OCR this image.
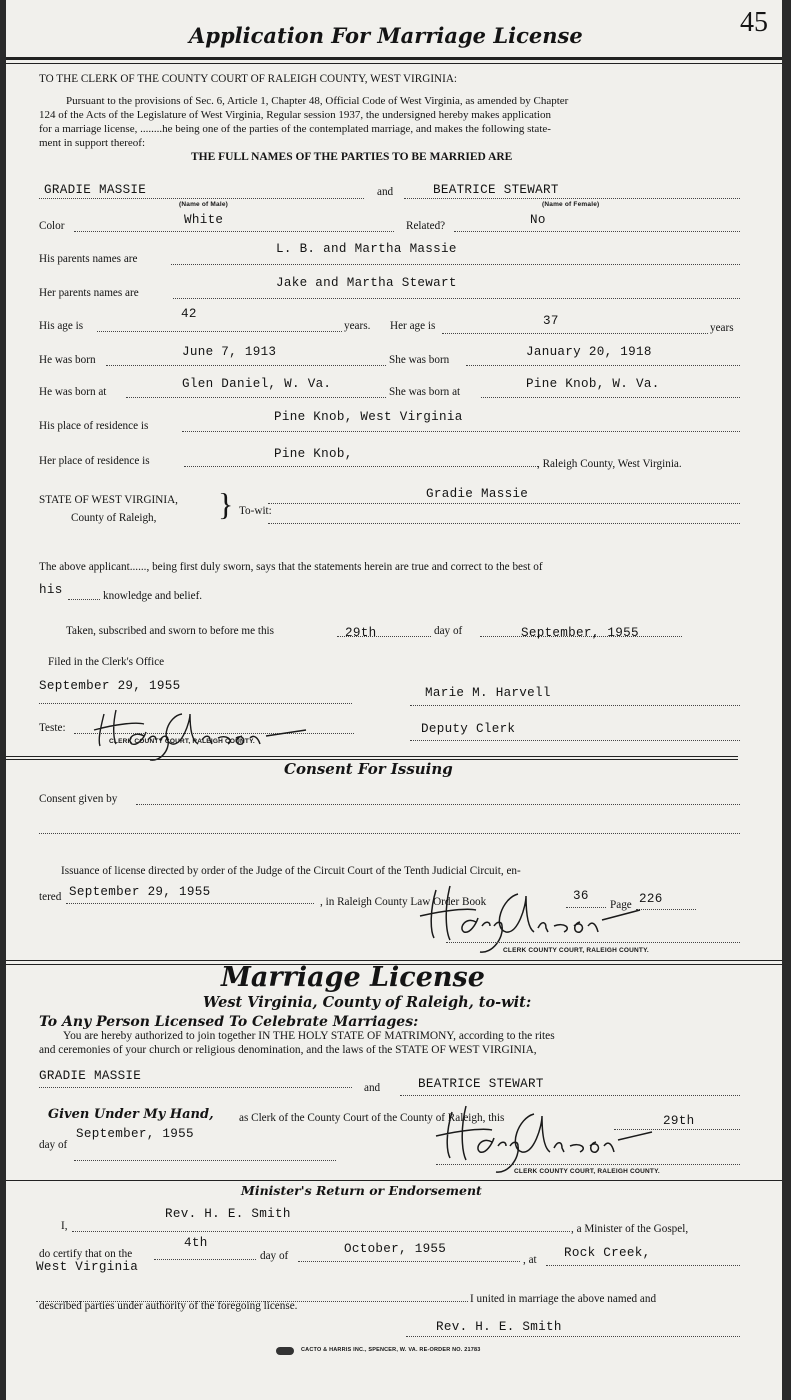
Application For Marriage License	45
TO THE CLERK OF THE COUNTY COURT OF RALEIGH COUNTY, WEST VIRGINIA:
Pursuant to the provisions of Sec. 6, Article 1, Chapter 48, Official Code of West Virginia, as amended by Chapter
124 of the Acts of the Legislature of West Virginia, Regular session 1937, the undersigned hereby makes application
for a marriage license, ........he being one of the parties of the contemplated marriage, and makes the following state-
ment in support thereof:
THE FULL NAMES OF THE PARTIES TO BE MARRIED ARE
GRADIE MASSIE
(Name of Male)
and	BEATRICE STEWART
(Name of Female)
Color	White	Related?	No
His parents names are
L. B. and Martha Massie
Her parents names are
Jake and Martha Stewart
His age is
42
years. Her age is	37	years
He was born
June 7, 1913
She was born
January 20, 1918
He was born at
Glen Daniel, W. Va.
She was born at
Pine Knob, W. Va.
His place of residence is
Pine Knob, West Virginia
Her place of residence is	Pine Knob,
, Raleigh County, West Virginia.
STATE OF WEST VIRGINIA,
County of Raleigh, } To-wit:
Gradie Massie
The above applicant......, being first duly sworn, says that the statements herein are true and correct to the best of
his	knowledge and belief.
Taken, subscribed and sworn to before me this	29th	day of	September, 1955
Filed in the Clerk's Office
September 29, 1955	Marie M. Harvell
Teste:
CLERK COUNTY COURT, RALEIGH COUNTY.
Deputy Clerk
Consent For Issuing
Consent given by
Issuance of license directed by order of the Judge of the Circuit Court of the Tenth Judicial Circuit, en-
tered September 29, 1955
, in Raleigh County Law Order Book	36
Page 226
CLERK COUNTY COURT, RALEIGH COUNTY.
Marriage License
West Virginia, County of Raleigh, to-wit:
To Any Person Licensed To Celebrate Marriages:
You are hereby authorized to join together IN THE HOLY STATE OF MATRIMONY, according to the rites
and ceremonies of your church or religious denomination, and the laws of the STATE OF WEST VIRGINIA,
GRADIE MASSIE
and	BEATRICE STEWART
Given Under My Hand, as Clerk of the County Court of the County of Raleigh, this	29th
day of
September, 1955
CLERK COUNTY COURT, RALEIGH COUNTY.
Minister's Return or Endorsement
I,
Rev. H. E. Smith
, a Minister of the Gospel,
do certify that on the
4th
day of	October, 1955
, at Rock Creek,
West Virginia
I united in marriage the above named and
described parties under authority of the foregoing license.
Rev. H. E. Smith
CACTO & HARRIS INC., SPENCER, W. VA. RE-ORDER NO. 21783
